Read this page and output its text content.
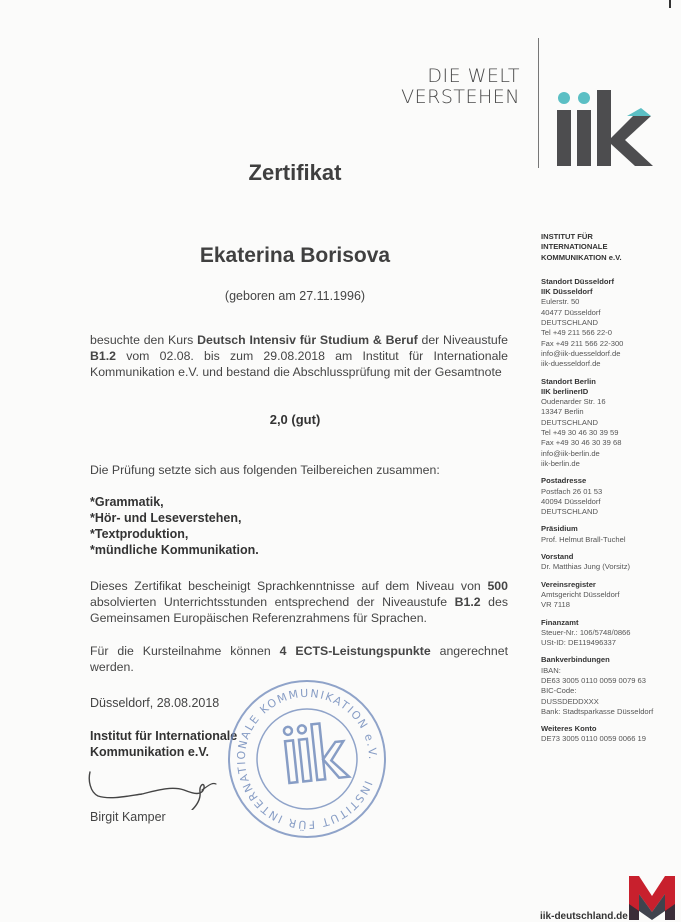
DIE WELT
VERSTEHEN
Zertifikat
Ekaterina Borisova
(geboren am 27.11.1996)
besuchte den Kurs Deutsch Intensiv für Studium & Beruf der Niveaustufe B1.2 vom 02.08. bis zum 29.08.2018 am Institut für Internationale Kommunikation e.V. und bestand die Abschlussprüfung mit der Gesamtnote
2,0 (gut)
Die Prüfung setzte sich aus folgenden Teilbereichen zusammen:
*Grammatik,
*Hör- und Leseverstehen,
*Textproduktion,
*mündliche Kommunikation.
Dieses Zertifikat bescheinigt Sprachkenntnisse auf dem Niveau von 500 absolvierten Unterrichtsstunden entsprechend der Niveaustufe B1.2 des Gemeinsamen Europäischen Referenzrahmens für Sprachen.
Für die Kursteilnahme können 4 ECTS-Leistungspunkte angerechnet werden.
Düsseldorf, 28.08.2018
Institut für Internationale
Kommunikation e.V.
Birgit Kamper
INSTITUT FÜR INTERNATIONALE KOMMUNIKATION e.V.
INSTITUT FÜR
INTERNATIONALE
KOMMUNIKATION e.V.
Standort Düsseldorf
IIK Düsseldorf
Eulerstr. 50
40477 Düsseldorf
DEUTSCHLAND
Tel +49 211 566 22-0
Fax +49 211 566 22-300
info@iik-duesseldorf.de
iik-duesseldorf.de
Standort Berlin
IIK berlinerID
Oudenarder Str. 16
13347 Berlin
DEUTSCHLAND
Tel +49 30 46 30 39 59
Fax +49 30 46 30 39 68
info@iik-berlin.de
iik-berlin.de
Postadresse
Postfach 26 01 53
40094 Düsseldorf
DEUTSCHLAND
Präsidium
Prof. Helmut Brall-Tuchel
Vorstand
Dr. Matthias Jung (Vorsitz)
Vereinsregister
Amtsgericht Düsseldorf
VR 7118
Finanzamt
Steuer-Nr.: 106/5748/0866
USt-ID: DE119496337
Bankverbindungen
IBAN:
DE63 3005 0110 0059 0079 63
BIC-Code:
DUSSDEDDXXX
Bank: Stadtsparkasse Düsseldorf
Weiteres Konto
DE73 3005 0110 0059 0066 19
iik-deutschland.de
